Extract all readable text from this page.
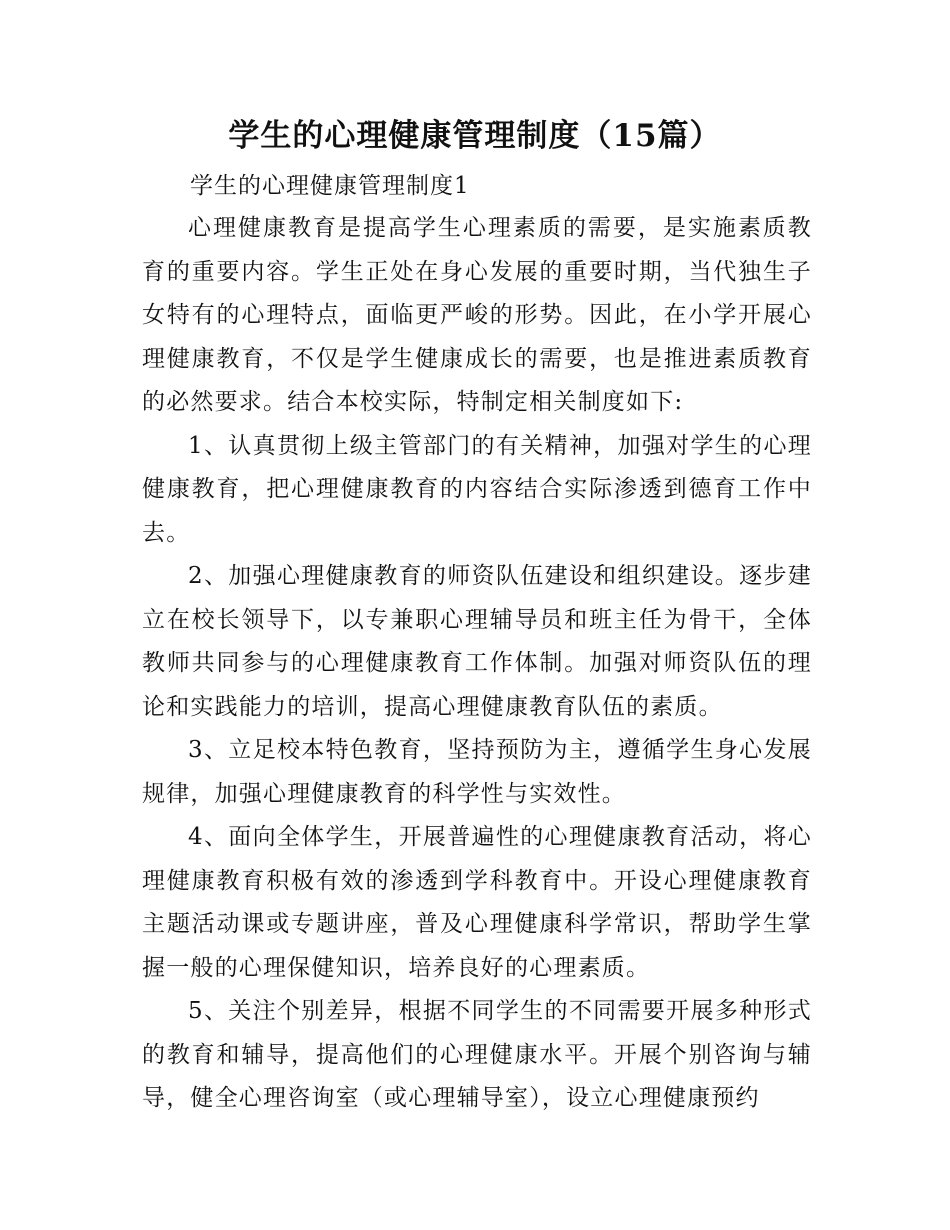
学生的心理健康管理制度（15篇）
学生的心理健康管理制度1

心理健康教育是提高学生心理素质的需要，是实施素质教育的重要内容。学生正处在身心发展的重要时期，当代独生子女特有的心理特点，面临更严峻的形势。因此，在小学开展心理健康教育，不仅是学生健康成长的需要，也是推进素质教育的必然要求。结合本校实际，特制定相关制度如下:

1、认真贯彻上级主管部门的有关精神，加强对学生的心理健康教育，把心理健康教育的内容结合实际渗透到德育工作中去。

2、加强心理健康教育的师资队伍建设和组织建设。逐步建立在校长领导下，以专兼职心理辅导员和班主任为骨干，全体教师共同参与的心理健康教育工作体制。加强对师资队伍的理论和实践能力的培训，提高心理健康教育队伍的素质。

3、立足校本特色教育，坚持预防为主，遵循学生身心发展规律，加强心理健康教育的科学性与实效性。

4、面向全体学生，开展普遍性的心理健康教育活动，将心理健康教育积极有效的渗透到学科教育中。开设心理健康教育主题活动课或专题讲座，普及心理健康科学常识，帮助学生掌握一般的心理保健知识，培养良好的心理素质。

5、关注个别差异，根据不同学生的不同需要开展多种形式的教育和辅导，提高他们的心理健康水平。开展个别咨询与辅导，健全心理咨询室（或心理辅导室），设立心理健康预约
